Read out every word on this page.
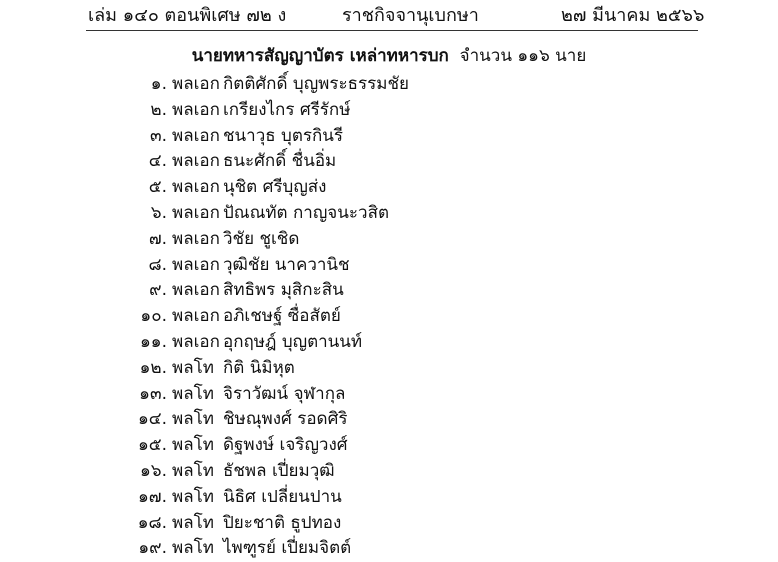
เล่ม ๑๔๐ ตอนพิเศษ ๗๒ ง	ราชกิจจานุเบกษา	๒๗ มีนาคม ๒๕๖๖
นายทหารสัญญาบัตร เหล่าทหารบก จำนวน ๑๑๖ นาย
๑. พลเอก กิตติศักดิ์ บุญพระธรรมชัย
๒. พลเอก เกรียงไกร ศรีรักษ์
๓. พลเอก ชนาวุธ บุตรกินรี
๔. พลเอก ธนะศักดิ์ ชื่นอิ่ม
๕. พลเอก นุชิต ศรีบุญส่ง
๖. พลเอก ปัณณทัต กาญจนะวสิต
๗. พลเอก วิชัย ชูเชิด
๘. พลเอก วุฒิชัย นาควานิช
๙. พลเอก สิทธิพร มุสิกะสิน
๑๐. พลเอก อภิเชษฐ์ ซื่อสัตย์
๑๑. พลเอก อุกฤษฎ์ บุญตานนท์
๑๒. พลโท กิติ นิมิหุต
๑๓. พลโท จิราวัฒน์ จุฬากุล
๑๔. พลโท ชิษณุพงศ์ รอดศิริ
๑๕. พลโท ดิฐพงษ์ เจริญวงศ์
๑๖. พลโท ธัชพล เปี่ยมวุฒิ
๑๗. พลโท นิธิศ เปลี่ยนปาน
๑๘. พลโท ปิยะชาติ ธูปทอง
๑๙. พลโท ไพฑูรย์ เปี่ยมจิตต์
